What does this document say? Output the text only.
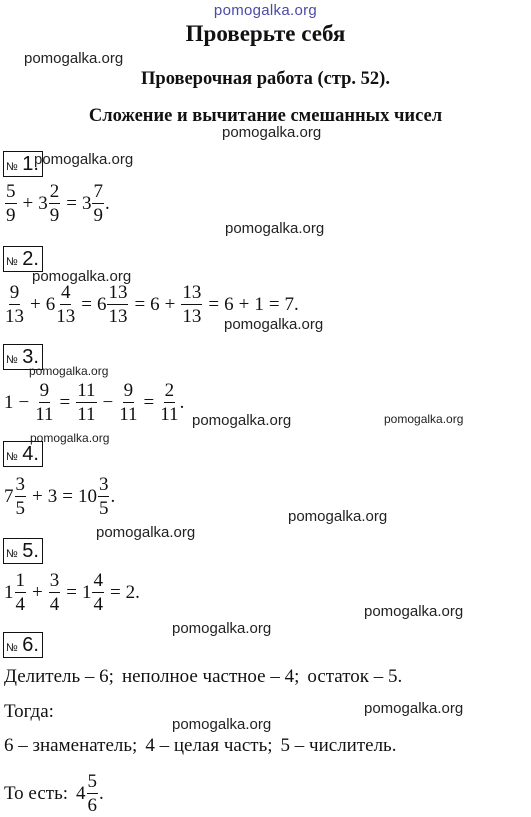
pomogalka.org
Проверьте себя
pomogalka.org
Проверочная работа (стр. 52).
Сложение и вычитание смешанных чисел
pomogalka.org
№ 1.
pomogalka.org
$\frac{5}{9} + 3 \frac{2}{9} = 3 \frac{7}{9}$ .
pomogalka.org
№ 2.
pomogalka.org
$\frac{9}{13} + 6 \frac{4}{13} = 6 \frac{13}{13} = 6 + \frac{13}{13} = 6 + 1 = 7$.
pomogalka.org
№ 3.
pomogalka.org
$1 - \frac{9}{11} = \frac{11}{11} - \frac{9}{11} = \frac{2}{11}$ .
pomogalka.org	pomogalka.org
pomogalka.org
№ 4.
$7 \frac{3}{5} + 3 = 10 \frac{3}{5}$ .
pomogalka.org
pomogalka.org
№ 5.
$1 \frac{1}{4} + \frac{3}{4} = 1 \frac{4}{4} = 2$.
pomogalka.org
pomogalka.org
№ 6.
Делитель – 6; неполное частное – 4; остаток – 5.
pomogalka.org
Тогда:
pomogalka.org
6 – знаменатель; 4 – целая часть; 5 – числитель.
То есть: $4 \frac{5}{6}$ .
